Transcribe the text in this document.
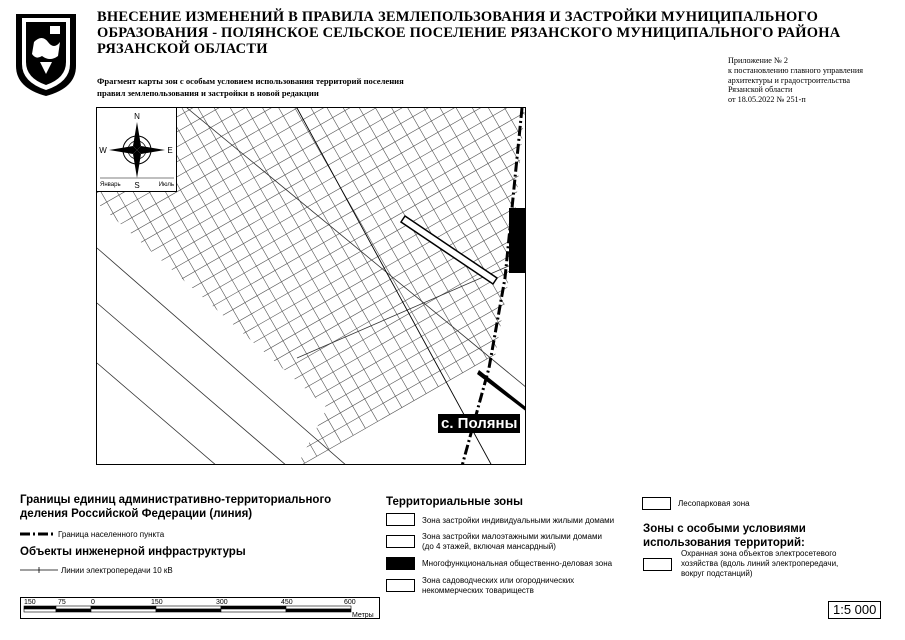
ВНЕСЕНИЕ ИЗМЕНЕНИЙ В ПРАВИЛА ЗЕМЛЕПОЛЬЗОВАНИЯ И ЗАСТРОЙКИ МУНИЦИПАЛЬНОГО
ОБРАЗОВАНИЯ - ПОЛЯНСКОЕ СЕЛЬСКОЕ ПОСЕЛЕНИЕ РЯЗАНСКОГО МУНИЦИПАЛЬНОГО РАЙОНА
РЯЗАНСКОЙ ОБЛАСТИ
Приложение № 2
к постановлению главного управления
архитектуры и градостроительства
Рязанской области
от 18.05.2022 № 251-п
Фрагмент карты зон с особым условием использования территорий поселения
правил землепользования и застройки в новой редакции
N
S
W	E
Январь	Июль
с. Поляны
Границы единиц административно-территориального
деления Российской Федерации (линия)
Граница населенного пункта
Объекты инженерной инфраструктуры
Линии электропередачи 10 кВ
Территориальные зоны
Зона застройки индивидуальными жилыми домами
Зона застройки малоэтажными жилыми домами
(до 4 этажей, включая мансардный)
Многофункциональная общественно-деловая зона
Зона садоводческих или огороднических
некоммерческих товариществ
Лесопарковая зона
Зоны с особыми условиями
использования территорий:
Охранная зона объектов электросетевого
хозяйства (вдоль линий электропередачи,
вокруг подстанций)
150	75	0	150	300	450	600
Метры	1:5 000
